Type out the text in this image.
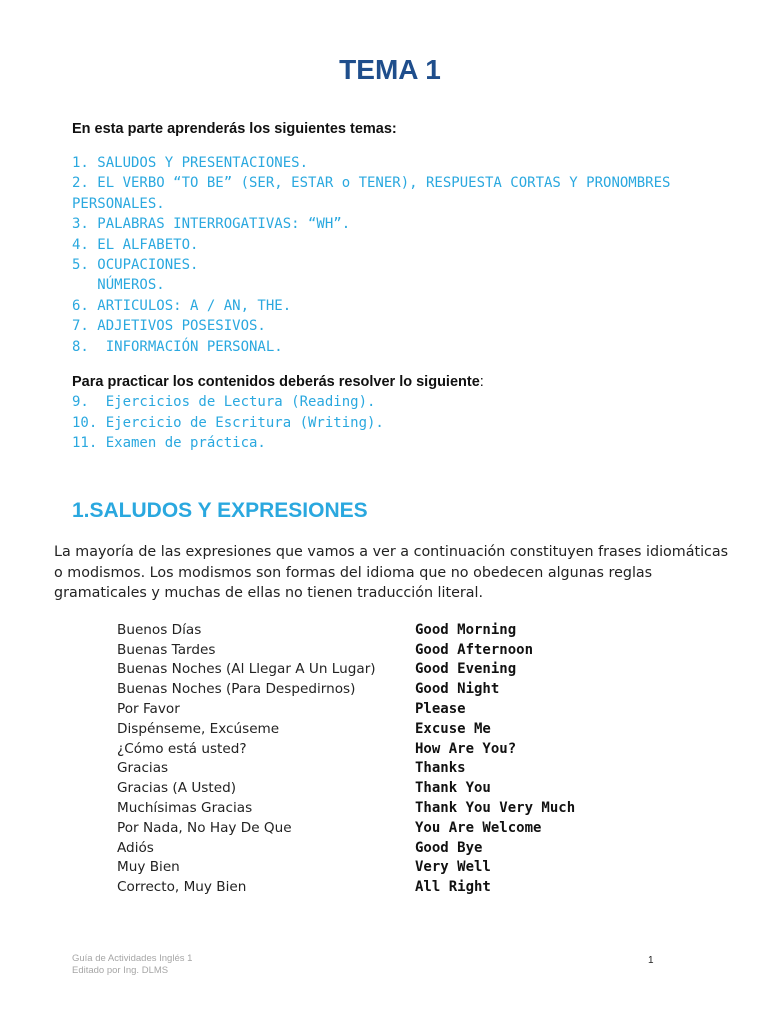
TEMA 1

En esta parte aprenderás los siguientes temas:

1. SALUDOS Y PRESENTACIONES.
2. EL VERBO “TO BE” (SER, ESTAR o TENER), RESPUESTA CORTAS Y PRONOMBRES
PERSONALES.
3. PALABRAS INTERROGATIVAS: “WH”.
4. EL ALFABETO.
5. OCUPACIONES.
NÚMEROS.
6. ARTICULOS: A / AN, THE.
7. ADJETIVOS POSESIVOS.
8.  INFORMACIÓN PERSONAL.

Para practicar los contenidos deberás resolver lo siguiente:

9.  Ejercicios de Lectura (Reading).
10. Ejercicio de Escritura (Writing).
11. Examen de práctica.
1.SALUDOS Y EXPRESIONES

La mayoría de las expresiones que vamos a ver a continuación constituyen frases idiomáticas o modismos. Los modismos son formas del idioma que no obedecen algunas reglas gramaticales y muchas de ellas no tienen traducción literal.

Buenos Días	Good Morning
Buenas Tardes	Good Afternoon
Buenas Noches (Al Llegar A Un Lugar)	Good Evening
Buenas Noches (Para Despedirnos)	Good Night
Por Favor	Please
Dispénseme, Excúseme	Excuse Me
¿Cómo está usted?	How Are You?
Gracias	Thanks
Gracias (A Usted)	Thank You
Muchísimas Gracias	Thank You Very Much
Por Nada, No Hay De Que	You Are Welcome
Adiós	Good Bye
Muy Bien	Very Well
Correcto, Muy Bien	All Right
Guía de Actividades Inglés 1
Editado por Ing. DLMS
1
